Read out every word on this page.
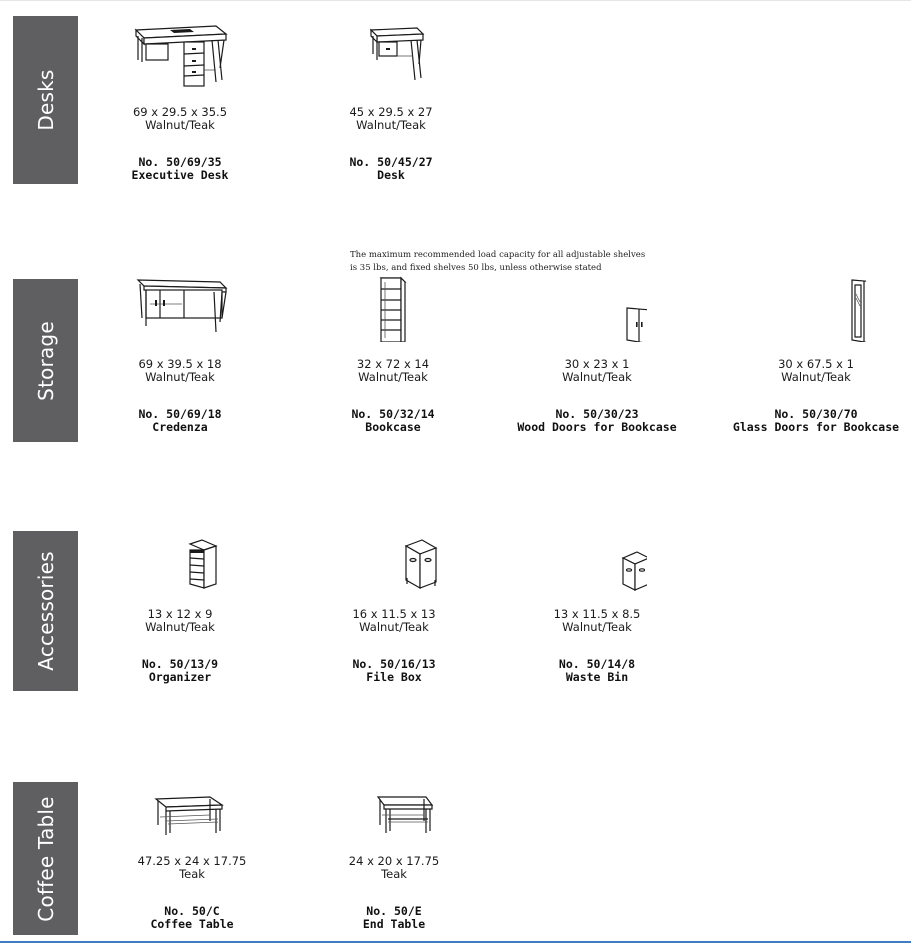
Desks
Storage
Accessories
Coffee Table
The maximum recommended load capacity for all adjustable shelves
is 35 lbs, and fixed shelves 50 lbs, unless otherwise stated
69 x 29.5 x 35.5
Walnut/Teak
No. 50/69/35
Executive Desk
45 x 29.5 x 27
Walnut/Teak
No. 50/45/27
Desk
69 x 39.5 x 18
Walnut/Teak
No. 50/69/18
Credenza
32 x 72 x 14
Walnut/Teak
No. 50/32/14
Bookcase
30 x 23 x 1
Walnut/Teak
No. 50/30/23
Wood Doors for Bookcase
30 x 67.5 x 1
Walnut/Teak
No. 50/30/70
Glass Doors for Bookcase
13 x 12 x 9
Walnut/Teak
No. 50/13/9
Organizer
16 x 11.5 x 13
Walnut/Teak
No. 50/16/13
File Box
13 x 11.5 x 8.5
Walnut/Teak
No. 50/14/8
Waste Bin
47.25 x 24 x 17.75
Teak
No. 50/C
Coffee Table
24 x 20 x 17.75
Teak
No. 50/E
End Table
